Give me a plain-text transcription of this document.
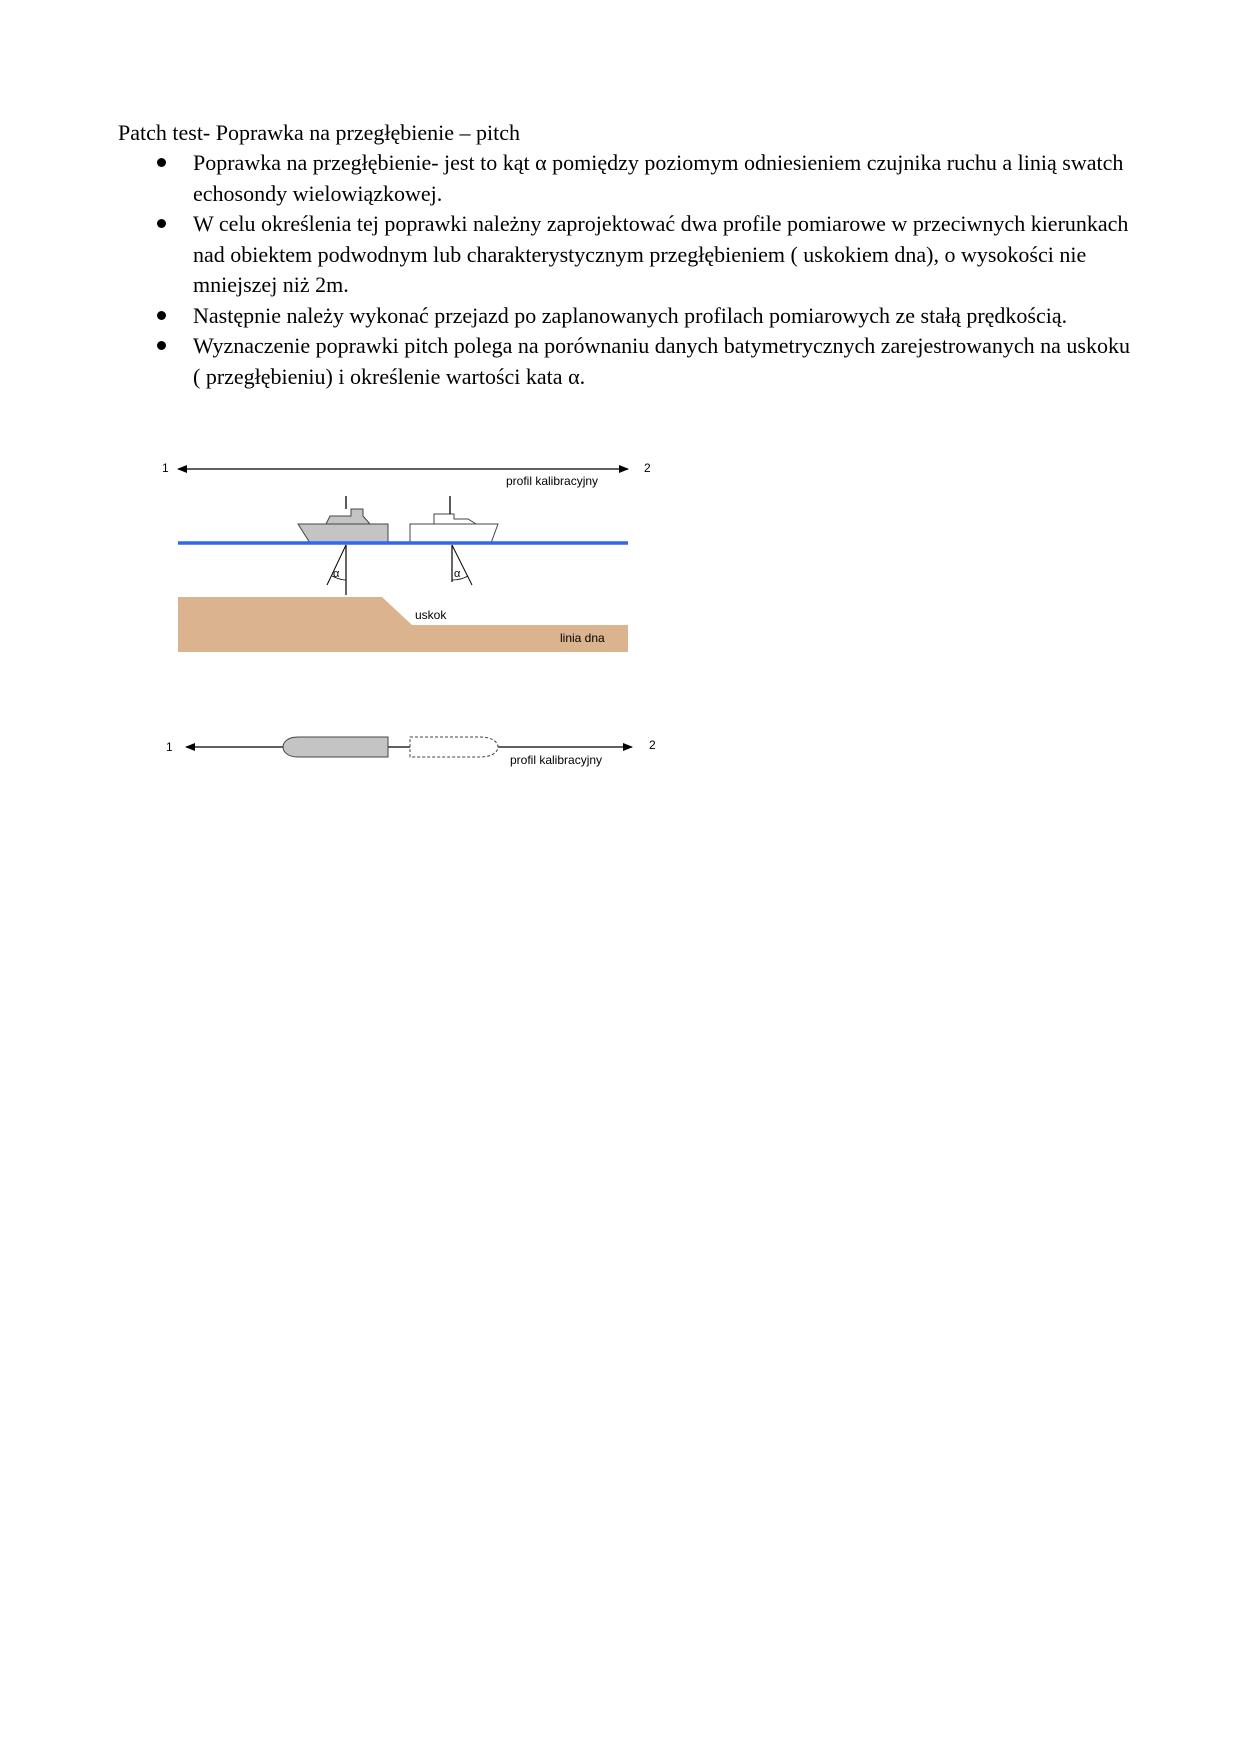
Patch test- Poprawka na przegłębienie – pitch
Poprawka na przegłębienie- jest to kąt α pomiędzy poziomym odniesieniem czujnika ruchu a linią swatch echosondy wielowiązkowej.
W celu określenia tej poprawki należny zaprojektować dwa profile pomiarowe w przeciwnych kierunkach nad obiektem podwodnym lub charakterystycznym przegłębieniem ( uskokiem dna), o wysokości nie mniejszej niż 2m.
Następnie należy wykonać przejazd po zaplanowanych profilach pomiarowych ze stałą prędkością.
Wyznaczenie poprawki pitch polega na porównaniu danych batymetrycznych zarejestrowanych na uskoku ( przegłębieniu) i określenie wartości kata α.
1	2
profil kalibracyjny
uskok
linia dna
α	α
1	2
profil kalibracyjny
